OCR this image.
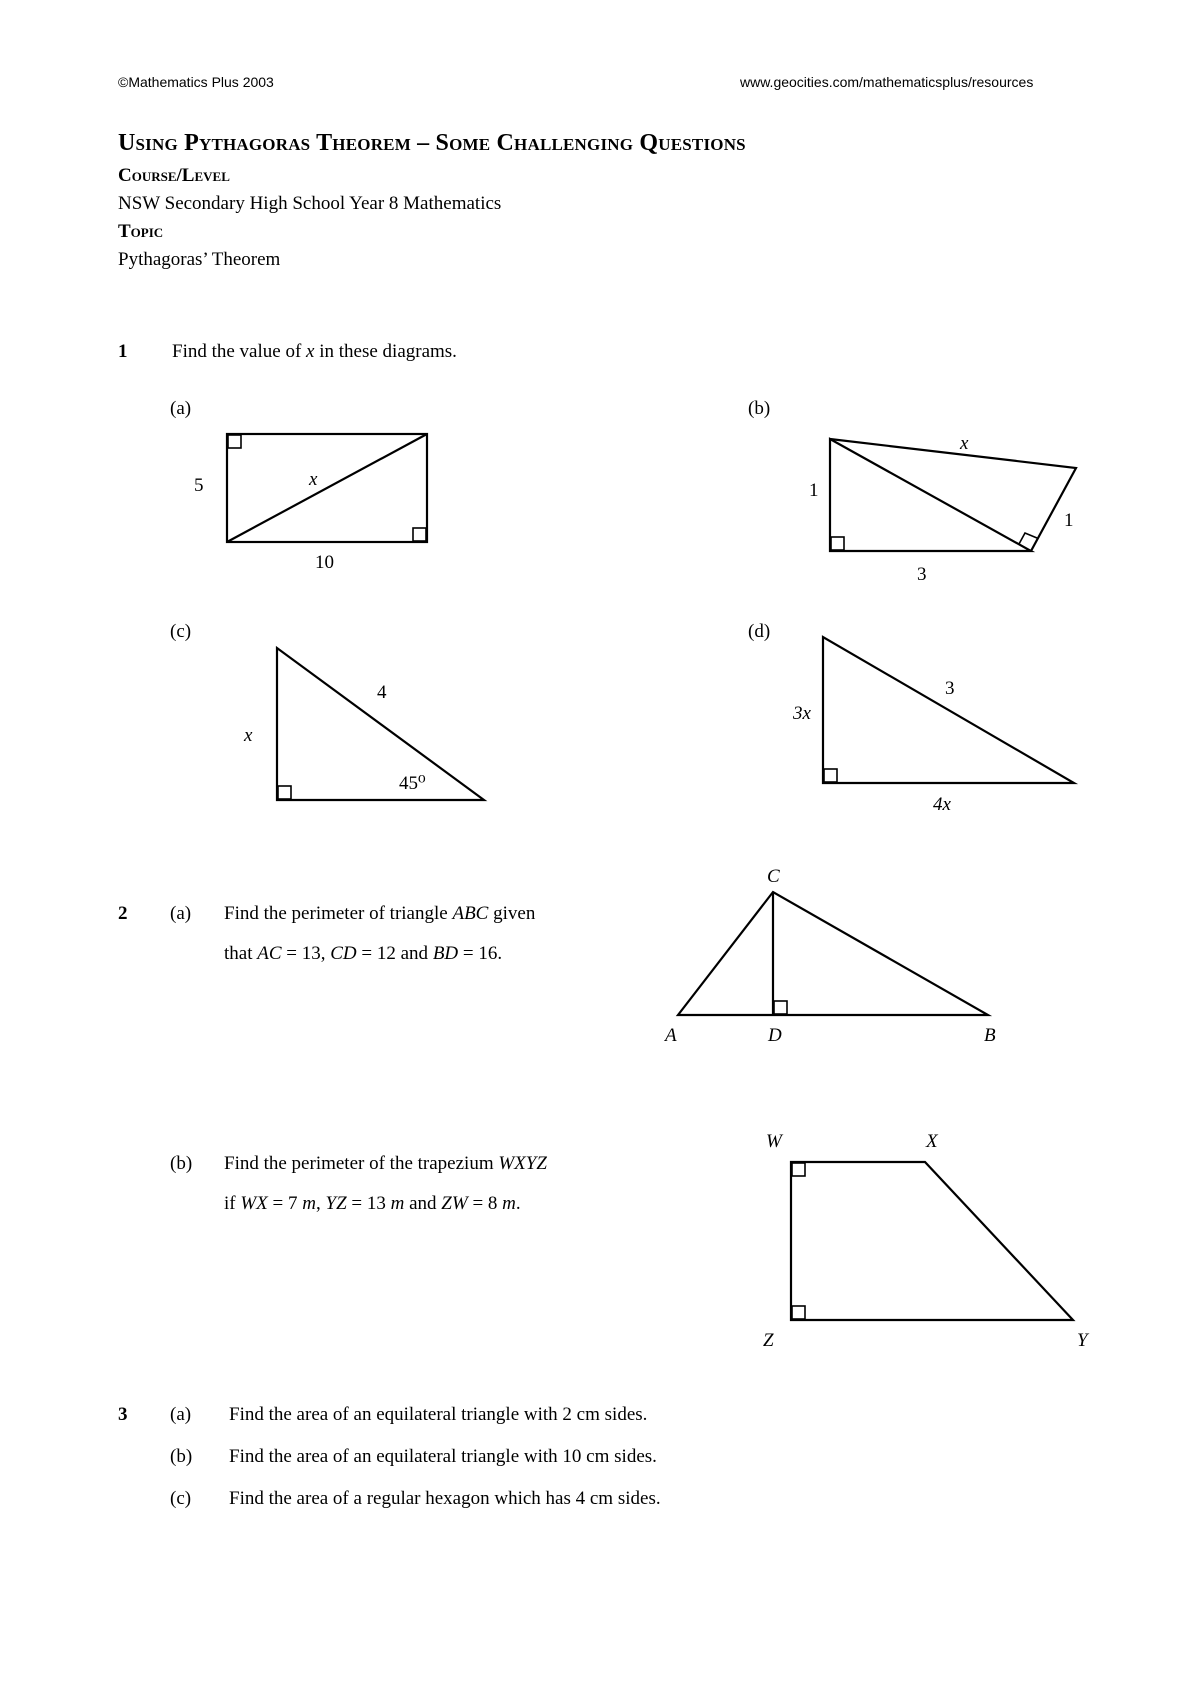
©Mathematics Plus 2003	www.geocities.com/mathematicsplus/resources
Using Pythagoras Theorem – Some Challenging Questions
Course/Level
NSW Secondary High School Year 8 Mathematics
Topic
Pythagoras’ Theorem
1 Find the value of x in these diagrams.
(a)	(b)
(c)	(d)
2 (a) Find the perimeter of triangle ABC given
that AC = 13, CD = 12 and BD = 16.
(b) Find the perimeter of the trapezium WXYZ
if WX = 7 m, YZ = 13 m and ZW = 8 m.
3 (a) Find the area of an equilateral triangle with 2 cm sides.
(b) Find the area of an equilateral triangle with 10 cm sides.
(c) Find the area of a regular hexagon which has 4 cm sides.
5	x
10
x
1
1
3
x
4
45⁰
3x
3
4x
C
A	D	B
W	X
Y
Z
